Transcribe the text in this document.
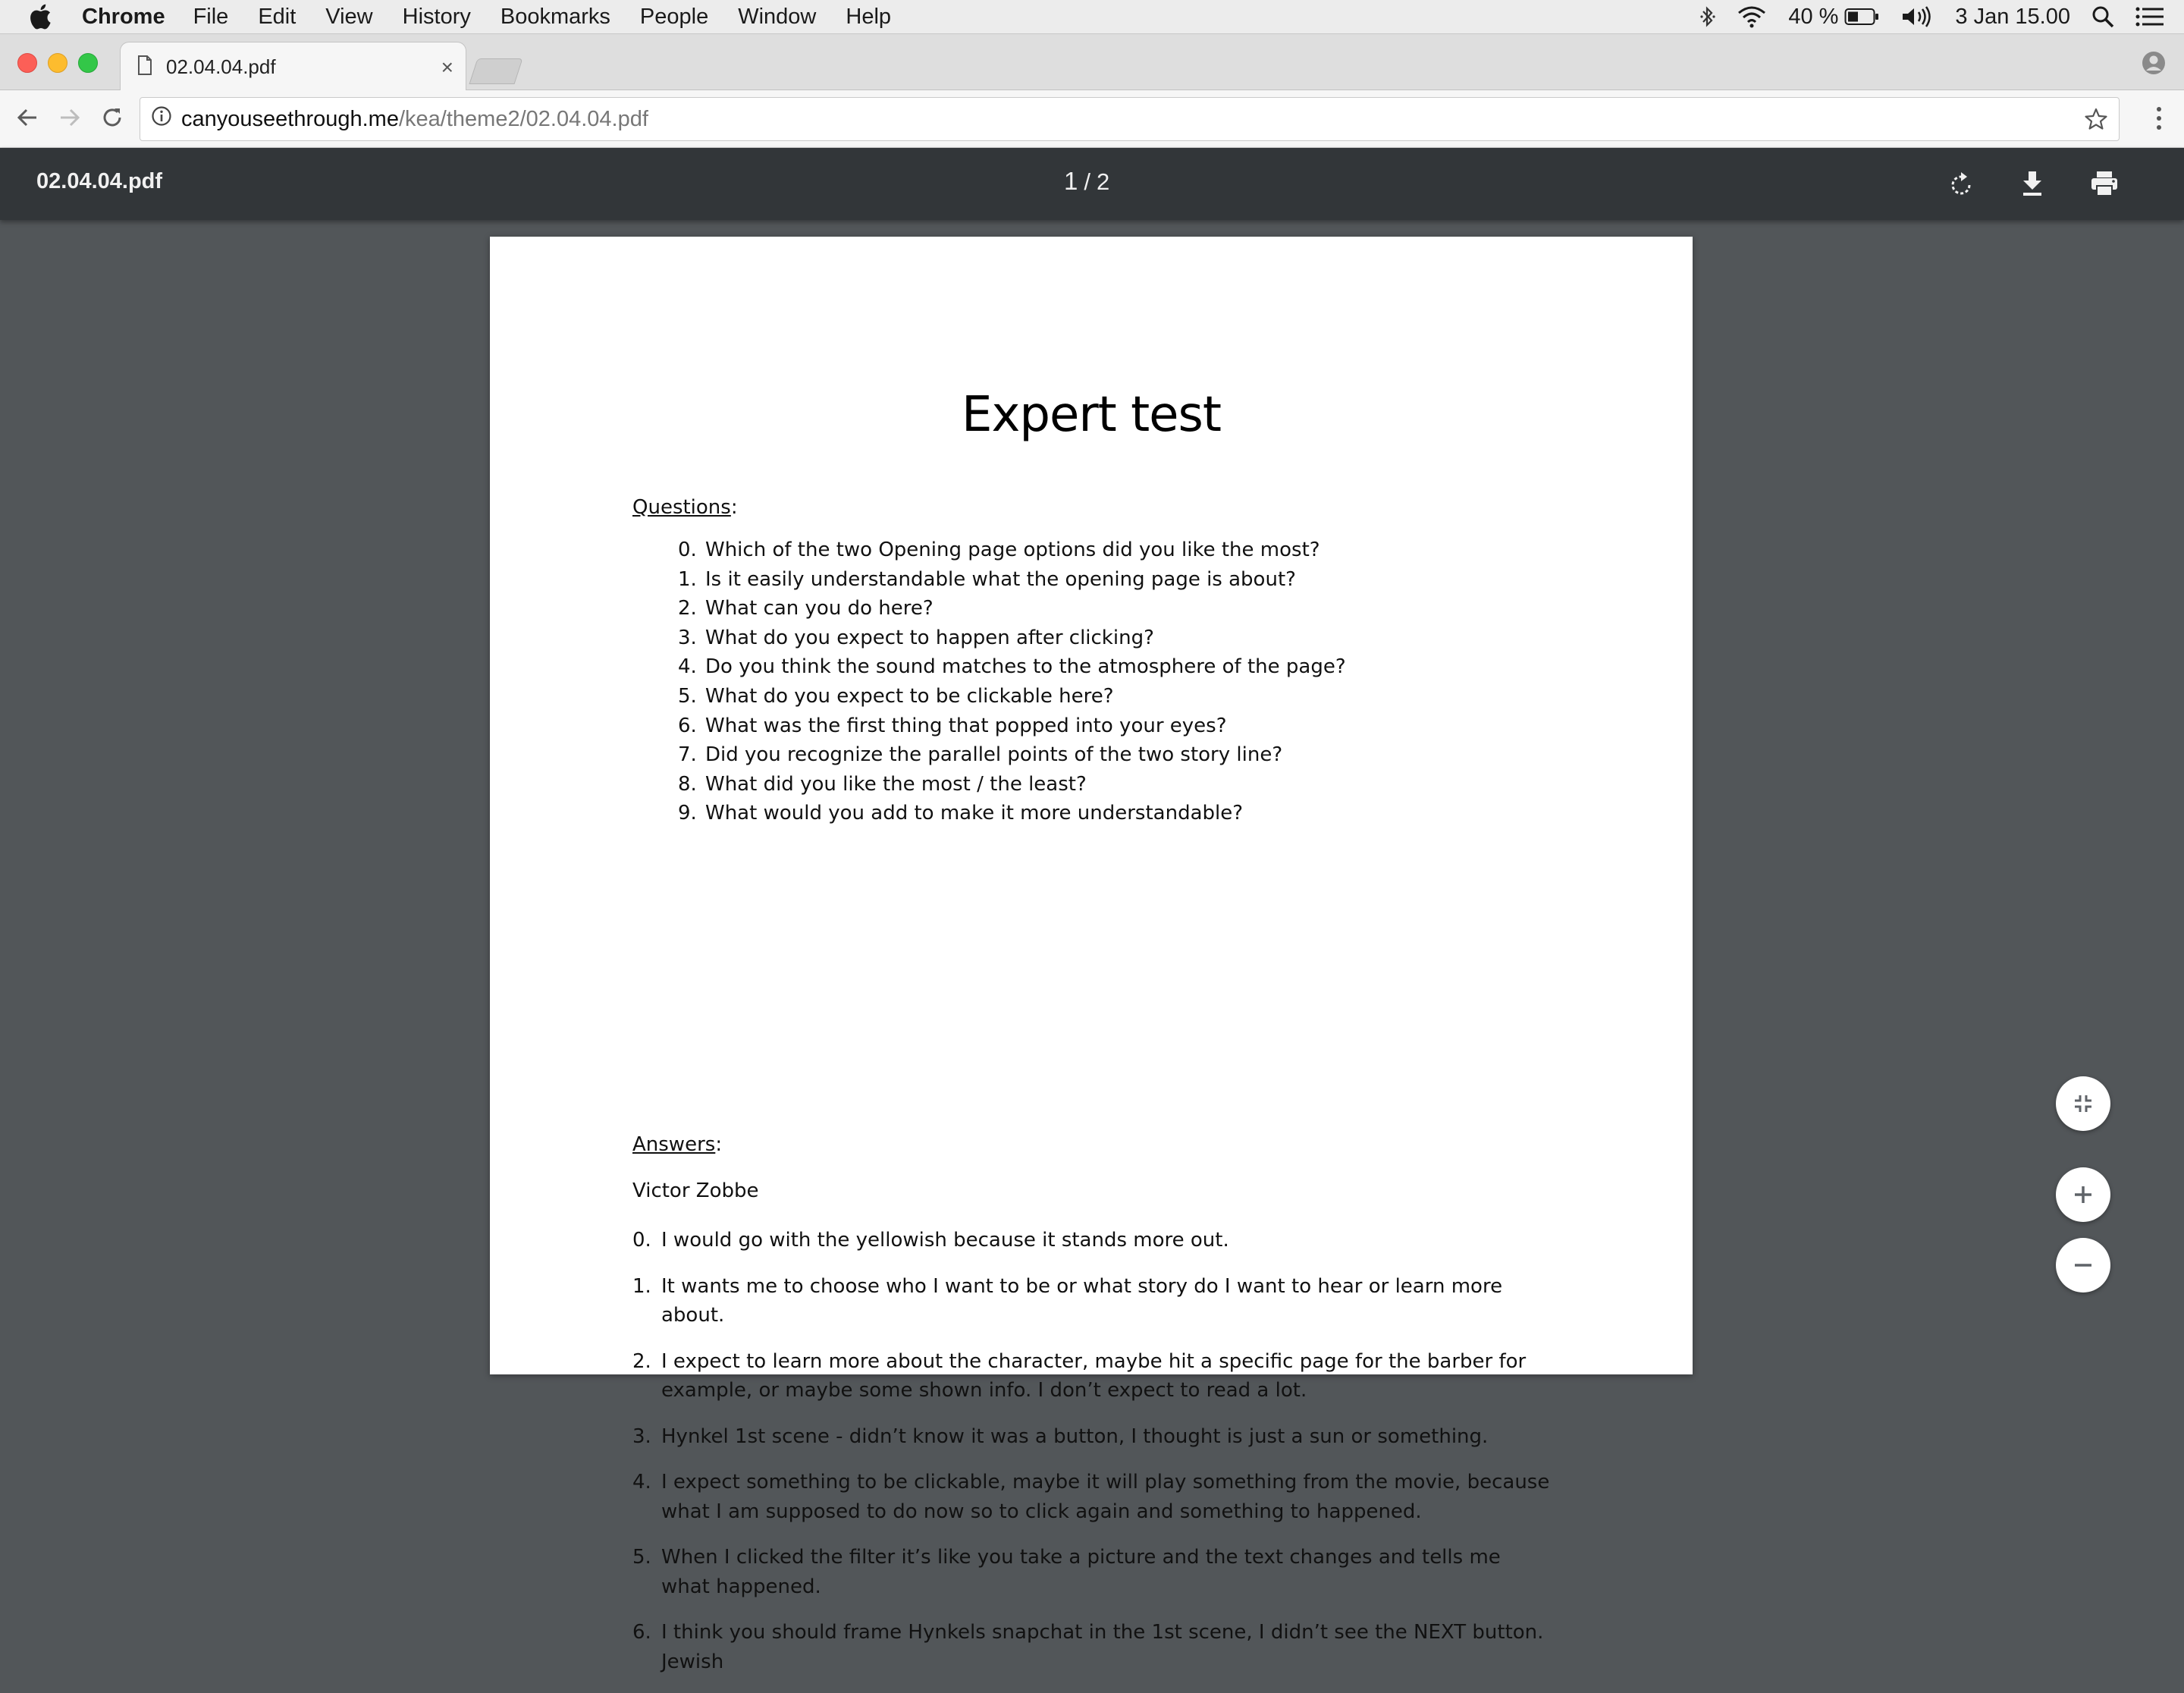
Chrome File Edit View History Bookmarks People Window Help	40 %	3 Jan 15.00
02.04.04.pdf	×
canyouseethrough.me /kea/theme2/02.04.04.pdf
02.04.04.pdf	1 / 2
Expert test
Questions:
0. Which of the two Opening page options did you like the most?
1. Is it easily understandable what the opening page is about?
2. What can you do here?
3. What do you expect to happen after clicking?
4. Do you think the sound matches to the atmosphere of the page?
5. What do you expect to be clickable here?
6. What was the first thing that popped into your eyes?
7. Did you recognize the parallel points of the two story line?
8. What did you like the most / the least?
9. What would you add to make it more understandable?
Answers:
Victor Zobbe
0. I would go with the yellowish because it stands more out.
1. It wants me to choose who I want to be or what story do I want to hear or learn more about.
2. I expect to learn more about the character, maybe hit a specific page for the barber for example, or maybe some shown info. I don’t expect to read a lot.
3. Hynkel 1st scene - didn’t know it was a button, I thought is just a sun or something.
4. I expect something to be clickable, maybe it will play something from the movie, because what I am supposed to do now so to click again and something to happened.
5. When I clicked the filter it’s like you take a picture and the text changes and tells me what happened.
6. I think you should frame Hynkels snapchat in the 1st scene, I didn’t see the NEXT button. Jewish
